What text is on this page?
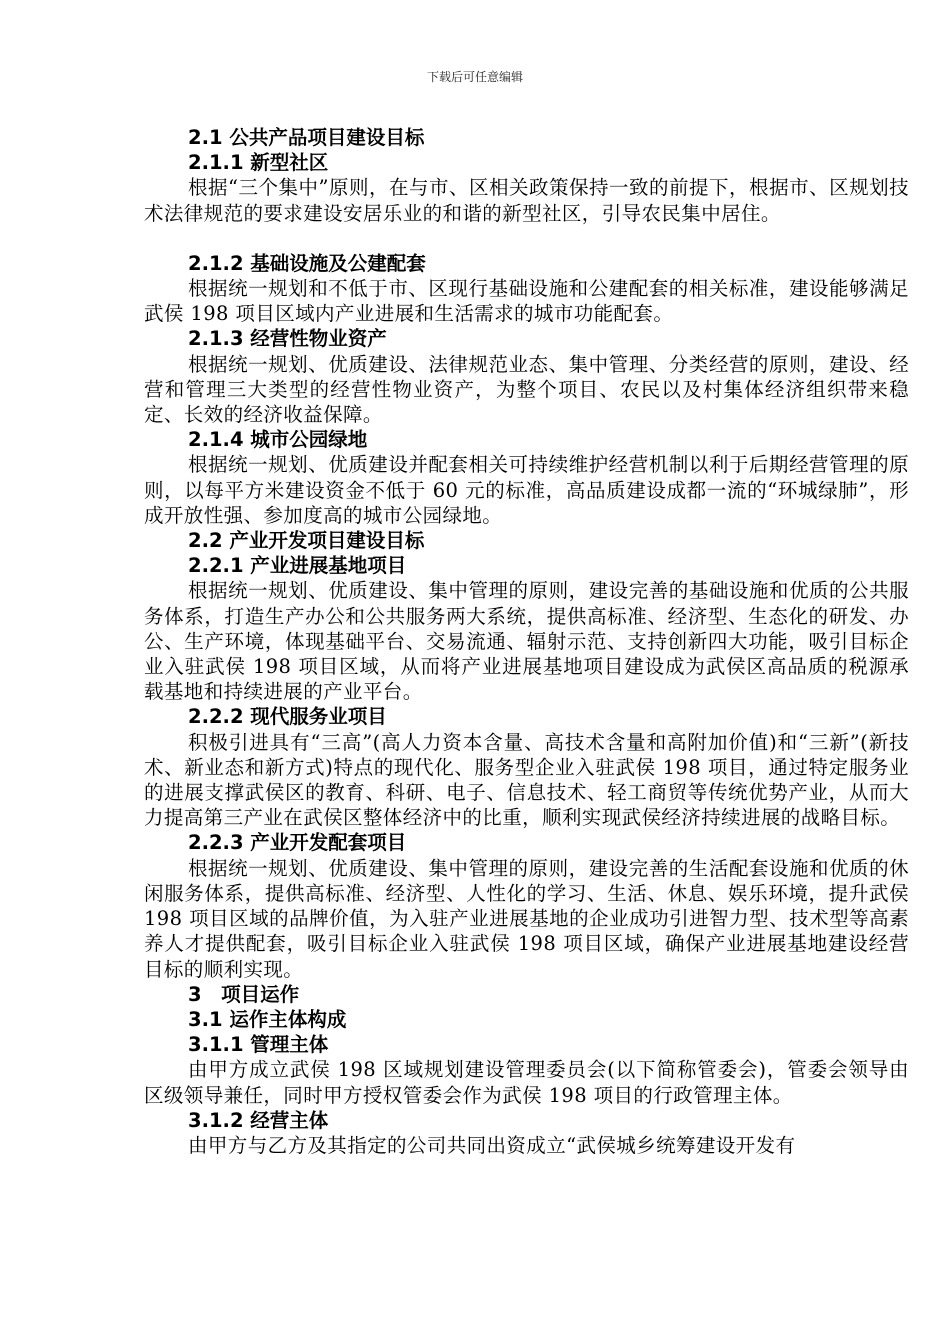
下载后可任意编辑
2.1 公共产品项目建设目标
2.1.1 新型社区
根据“三个集中”原则，在与市、区相关政策保持一致的前提下，根据市、区规划技术法律规范的要求建设安居乐业的和谐的新型社区，引导农民集中居住。
2.1.2 基础设施及公建配套
根据统一规划和不低于市、区现行基础设施和公建配套的相关标准，建设能够满足武侯 198 项目区域内产业进展和生活需求的城市功能配套。
2.1.3 经营性物业资产
根据统一规划、优质建设、法律规范业态、集中管理、分类经营的原则，建设、经营和管理三大类型的经营性物业资产，为整个项目、农民以及村集体经济组织带来稳定、长效的经济收益保障。
2.1.4 城市公园绿地
根据统一规划、优质建设并配套相关可持续维护经营机制以利于后期经营管理的原则，以每平方米建设资金不低于 60 元的标准，高品质建设成都一流的“环城绿肺”，形成开放性强、参加度高的城市公园绿地。
2.2 产业开发项目建设目标
2.2.1 产业进展基地项目
根据统一规划、优质建设、集中管理的原则，建设完善的基础设施和优质的公共服务体系，打造生产办公和公共服务两大系统，提供高标准、经济型、生态化的研发、办公、生产环境，体现基础平台、交易流通、辐射示范、支持创新四大功能，吸引目标企业入驻武侯 198 项目区域，从而将产业进展基地项目建设成为武侯区高品质的税源承载基地和持续进展的产业平台。
2.2.2 现代服务业项目
积极引进具有“三高”(高人力资本含量、高技术含量和高附加价值)和“三新”(新技术、新业态和新方式)特点的现代化、服务型企业入驻武侯 198 项目，通过特定服务业的进展支撑武侯区的教育、科研、电子、信息技术、轻工商贸等传统优势产业，从而大力提高第三产业在武侯区整体经济中的比重，顺利实现武侯经济持续进展的战略目标。
2.2.3 产业开发配套项目
根据统一规划、优质建设、集中管理的原则，建设完善的生活配套设施和优质的休闲服务体系，提供高标准、经济型、人性化的学习、生活、休息、娱乐环境，提升武侯 198 项目区域的品牌价值，为入驻产业进展基地的企业成功引进智力型、技术型等高素养人才提供配套，吸引目标企业入驻武侯 198 项目区域，确保产业进展基地建设经营目标的顺利实现。
3　项目运作
3.1 运作主体构成
3.1.1 管理主体
由甲方成立武侯 198 区域规划建设管理委员会(以下简称管委会)，管委会领导由区级领导兼任，同时甲方授权管委会作为武侯 198 项目的行政管理主体。
3.1.2 经营主体
由甲方与乙方及其指定的公司共同出资成立“武侯城乡统筹建设开发有
